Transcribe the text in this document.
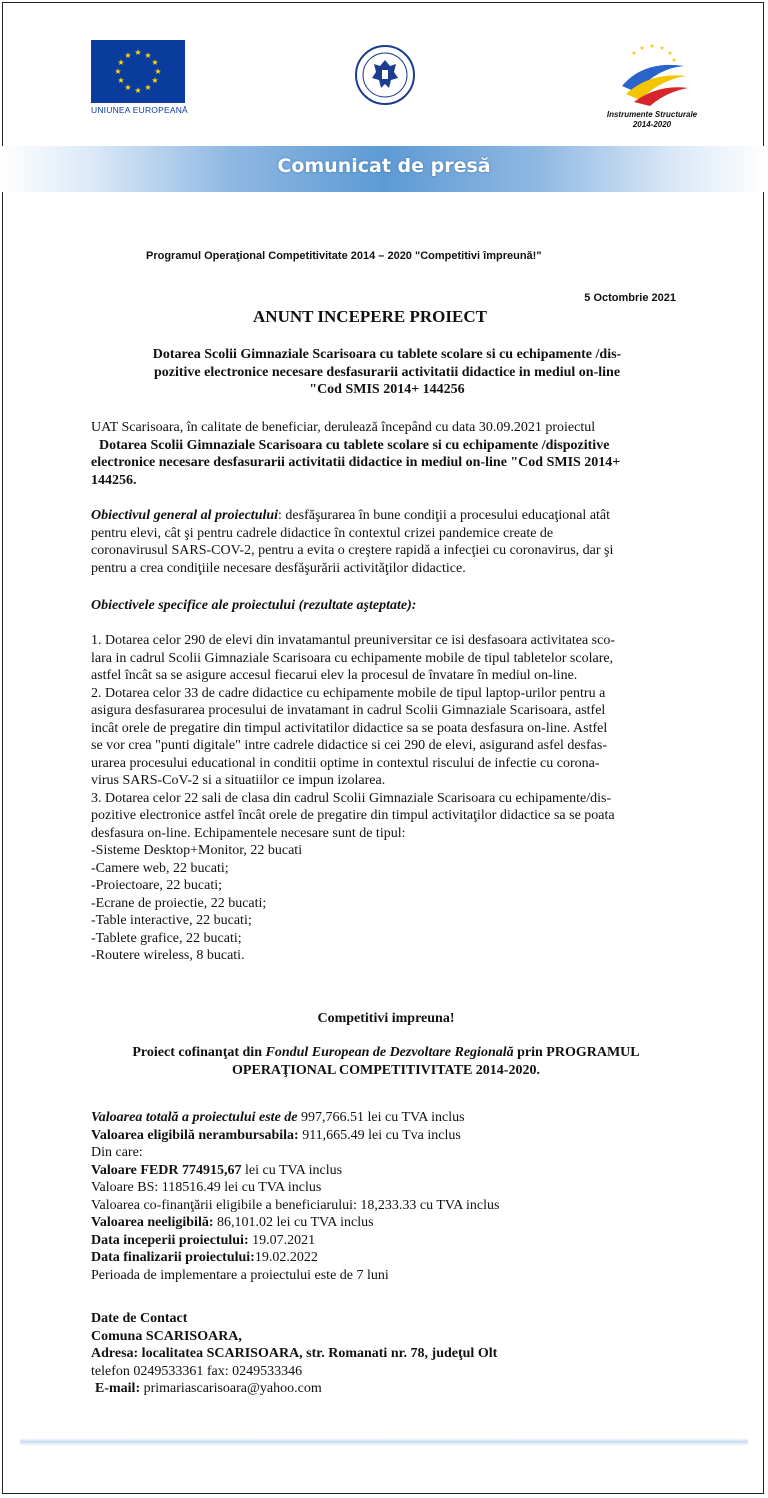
★ ★
★
★
★
★
★
★
★
★
★
★
UNIUNEA EUROPEANĂ
★ ★
★
★
★
★
Instrumente Structurale
2014-2020
Comunicat de presă
Programul Operaţional Competitivitate 2014 – 2020 "Competitivi împreună!"
5 Octombrie 2021
ANUNT INCEPERE PROIECT
Dotarea Scolii Gimnaziale Scarisoara cu tablete scolare si cu echipamente /dis-
pozitive electronice necesare desfasurarii activitatii didactice in mediul on-line
"Cod SMIS 2014+ 144256

UAT Scarisoara, în calitate de beneficiar, derulează începând cu data 30.09.2021 proiectul

Dotarea Scolii Gimnaziale Scarisoara cu tablete scolare si cu echipamente /dispozitive

electronice necesare desfasurarii activitatii didactice in mediul on-line "Cod SMIS 2014+

144256.

Obiectivul general al proiectului: desfăşurarea în bune condiţii a procesului educaţional atât

pentru elevi, cât şi pentru cadrele didactice în contextul crizei pandemice create de

coronavirusul SARS-COV-2, pentru a evita o creştere rapidă a infecţiei cu coronavirus, dar şi

pentru a crea condiţiile necesare desfăşurării activităţilor didactice.

Obiectivele specifice ale proiectului (rezultate aşteptate):

1. Dotarea celor 290 de elevi din invatamantul preuniversitar ce isi desfasoara activitatea sco-

lara in cadrul Scolii Gimnaziale Scarisoara cu echipamente mobile de tipul tabletelor scolare,

astfel încât sa se asigure accesul fiecarui elev la procesul de învatare în mediul on-line.

2. Dotarea celor 33 de cadre didactice cu echipamente mobile de tipul laptop-urilor pentru a

asigura desfasurarea procesului de invatamant in cadrul Scolii Gimnaziale Scarisoara, astfel

incât orele de pregatire din timpul activitatilor didactice sa se poata desfasura on-line. Astfel

se vor crea "punti digitale" intre cadrele didactice si cei 290 de elevi, asigurand asfel desfas-

urarea procesului educational in conditii optime in contextul riscului de infectie cu corona-

virus SARS-CoV-2 si a situatiilor ce impun izolarea.

3. Dotarea celor 22 sali de clasa din cadrul Scolii Gimnaziale Scarisoara cu echipamente/dis-

pozitive electronice astfel încât orele de pregatire din timpul activitaţilor didactice sa se poata

desfasura on-line. Echipamentele necesare sunt de tipul:

-Sisteme Desktop+Monitor, 22 bucati

-Camere web, 22 bucati;

-Proiectoare, 22 bucati;

-Ecrane de proiectie, 22 bucati;

-Table interactive, 22 bucati;

-Tablete grafice, 22 bucati;

-Routere wireless, 8 bucati.

Competitivi impreuna!

Proiect cofinanţat din Fondul European de Dezvoltare Regională prin PROGRAMUL

OPERAŢIONAL COMPETITIVITATE 2014-2020.

Valoarea totală a proiectului este de 997,766.51 lei cu TVA inclus

Valoarea eligibilă nerambursabila: 911,665.49 lei cu Tva inclus

Din care:

Valoare FEDR 774915,67 lei cu TVA inclus

Valoare BS: 118516.49 lei cu TVA inclus

Valoarea co-finanţării eligibile a beneficiarului: 18,233.33 cu TVA inclus

Valoarea neeligibilă: 86,101.02 lei cu TVA inclus

Data inceperii proiectului: 19.07.2021

Data finalizarii proiectului:19.02.2022

Perioada de implementare a proiectului este de 7 luni

Date de Contact

Comuna SCARISOARA,

Adresa: localitatea SCARISOARA, str. Romanati nr. 78, judeţul Olt

telefon 0249533361 fax: 0249533346

E-mail: primariascarisoara@yahoo.com
